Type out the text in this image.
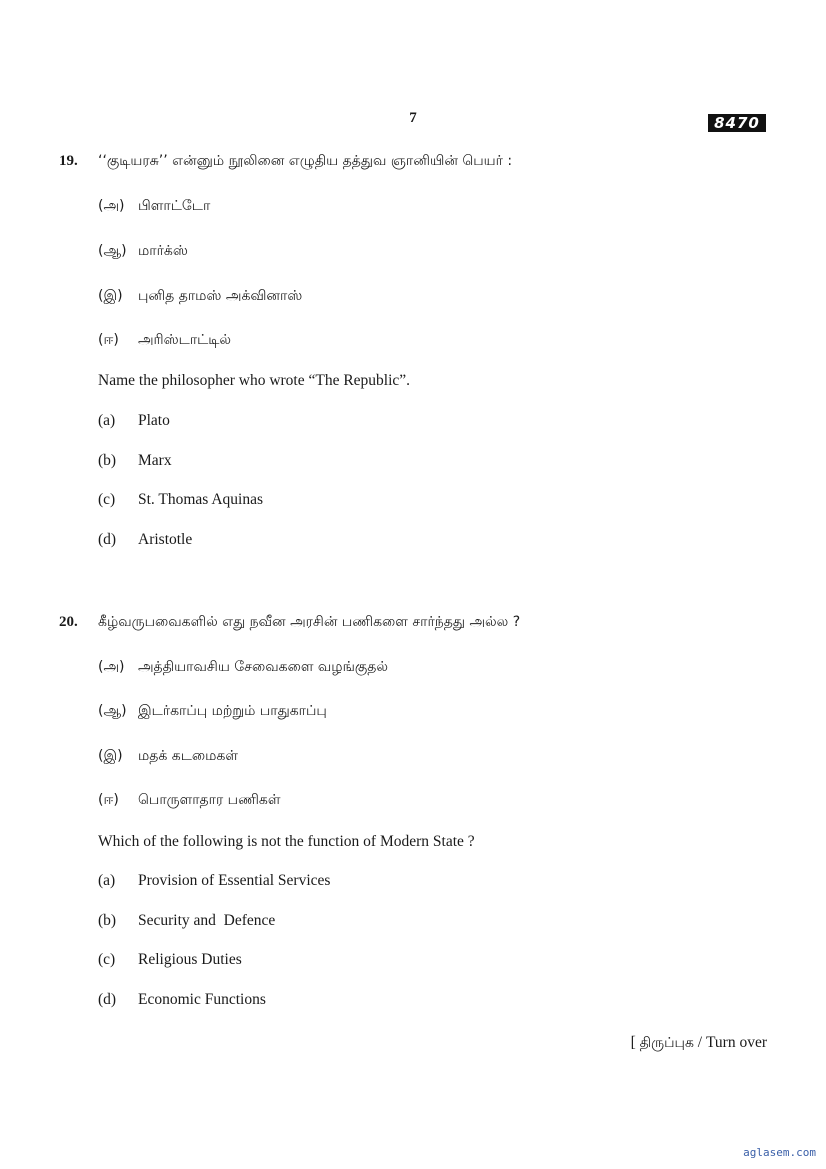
7	8470
19. ‘‘குடியரசு’’ என்னும் நூலினை எழுதிய தத்துவ ஞானியின் பெயர் :
(அ) பிளாட்டோ
(ஆ) மார்க்ஸ்
(இ) புனித தாமஸ் அக்வினாஸ்
(ஈ) அரிஸ்டாட்டில்
Name the philosopher who wrote “The Republic”.
(a) Plato
(b) Marx
(c) St. Thomas Aquinas
(d) Aristotle
20. கீழ்வருபவைகளில் எது நவீன அரசின் பணிகளை சார்ந்தது அல்ல ?
(அ) அத்தியாவசிய சேவைகளை வழங்குதல்
(ஆ) இடர்காப்பு மற்றும் பாதுகாப்பு
(இ) மதக் கடமைகள்
(ஈ) பொருளாதார பணிகள்
Which of the following is not the function of Modern State ?
(a) Provision of Essential Services
(b) Security and  Defence
(c) Religious Duties
(d) Economic Functions
[ திருப்புக / Turn over
aglasem.com
